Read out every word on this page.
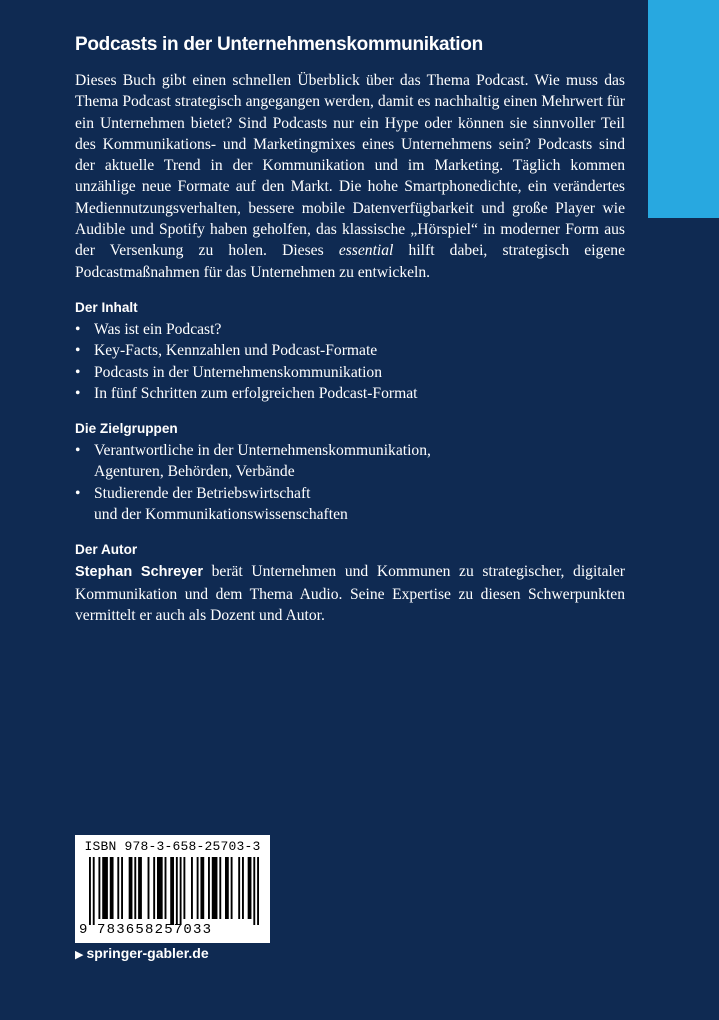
Podcasts in der Unternehmenskommunikation

Dieses Buch gibt einen schnellen Überblick über das Thema Podcast. Wie muss das Thema Podcast strategisch angegangen werden, damit es nachhaltig einen Mehrwert für ein Unternehmen bietet? Sind Podcasts nur ein Hype oder können sie sinnvoller Teil des Kommunikations- und Marketingmixes eines Unternehmens sein? Podcasts sind der aktuelle Trend in der Kommunikation und im Marketing. Täglich kommen unzählige neue Formate auf den Markt. Die hohe Smartphonedichte, ein verändertes Mediennutzungsverhalten, bessere mobile Datenverfügbarkeit und große Player wie Audible und Spotify haben geholfen, das klassische „Hörspiel“ in moderner Form aus der Versenkung zu holen. Dieses essential hilft dabei, strategisch eigene Podcastmaßnahmen für das Unternehmen zu entwickeln.

Der Inhalt
• Was ist ein Podcast?
• Key-Facts, Kennzahlen und Podcast-Formate
• Podcasts in der Unternehmenskommunikation
• In fünf Schritten zum erfolgreichen Podcast-Format
Die Zielgruppen
• Verantwortliche in der Unternehmenskommunikation,
Agenturen, Behörden, Verbände
• Studierende der Betriebswirtschaft
und der Kommunikationswissenschaften
Der Autor

Stephan Schreyer berät Unternehmen und Kommunen zu strategischer, digitaler Kommunikation und dem Thema Audio. Seine Expertise zu diesen Schwerpunkten vermittelt er auch als Dozent und Autor.

ISBN 978-3-658-25703-3
9 783658257033
▶ springer-gabler.de
